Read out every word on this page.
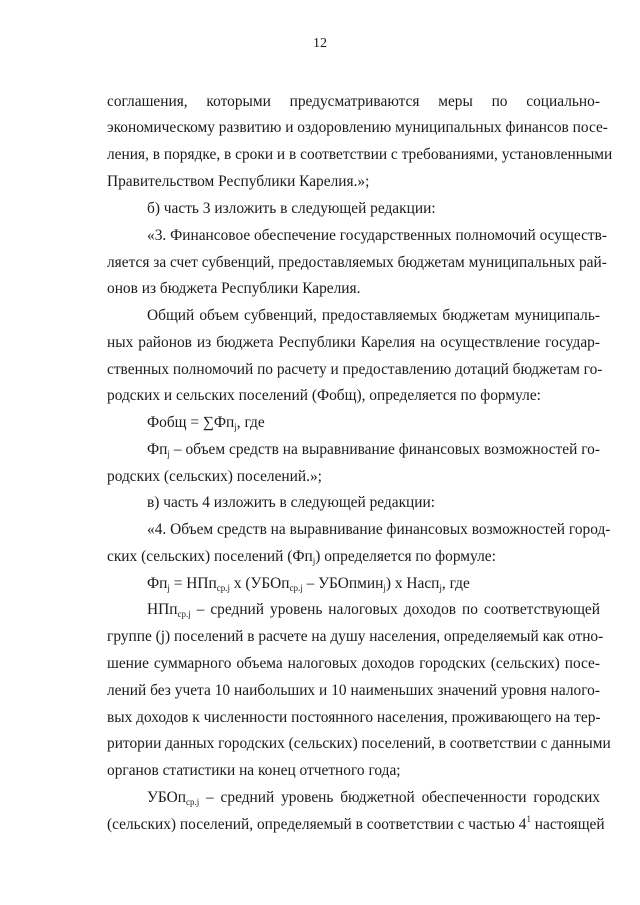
12
соглашения, которыми предусматриваются меры по социально-
экономическому развитию и оздоровлению муниципальных финансов посе-
ления, в порядке, в сроки и в соответствии с требованиями, установленными
Правительством Республики Карелия.»;
б) часть 3 изложить в следующей редакции:
«3. Финансовое обеспечение государственных полномочий осуществ-
ляется за счет субвенций, предоставляемых бюджетам муниципальных рай-
онов из бюджета Республики Карелия.
Общий объем субвенций, предоставляемых бюджетам муниципаль-
ных районов из бюджета Республики Карелия на осуществление государ-
ственных полномочий по расчету и предоставлению дотаций бюджетам го-
родских и сельских поселений (Фобщ), определяется по формуле:
Фобщ = $\sum Фп_j$, где
$Фп_j$ – объем средств на выравнивание финансовых возможностей го-
родских (сельских) поселений.»;
в) часть 4 изложить в следующей редакции:
«4. Объем средств на выравнивание финансовых возможностей город-
ских (сельских) поселений $(Фп_j)$ определяется по формуле:
$Фп_j = НПп_{ср.j}$ х (УБОп$_{ср.j}$ – УБОпмин$_j$) х Насп$_j$, где
НПп$_{ср.j}$ – средний уровень налоговых доходов по соответствующей
группе (j) поселений в расчете на душу населения, определяемый как отно-
шение суммарного объема налоговых доходов городских (сельских) посе-
лений без учета 10 наибольших и 10 наименьших значений уровня налого-
вых доходов к численности постоянного населения, проживающего на тер-
ритории данных городских (сельских) поселений, в соответствии с данными
органов статистики на конец отчетного года;
УБОп$_{ср.j}$ – средний уровень бюджетной обеспеченности городских
(сельских) поселений, определяемый в соответствии с частью $4^1$ настоящей
